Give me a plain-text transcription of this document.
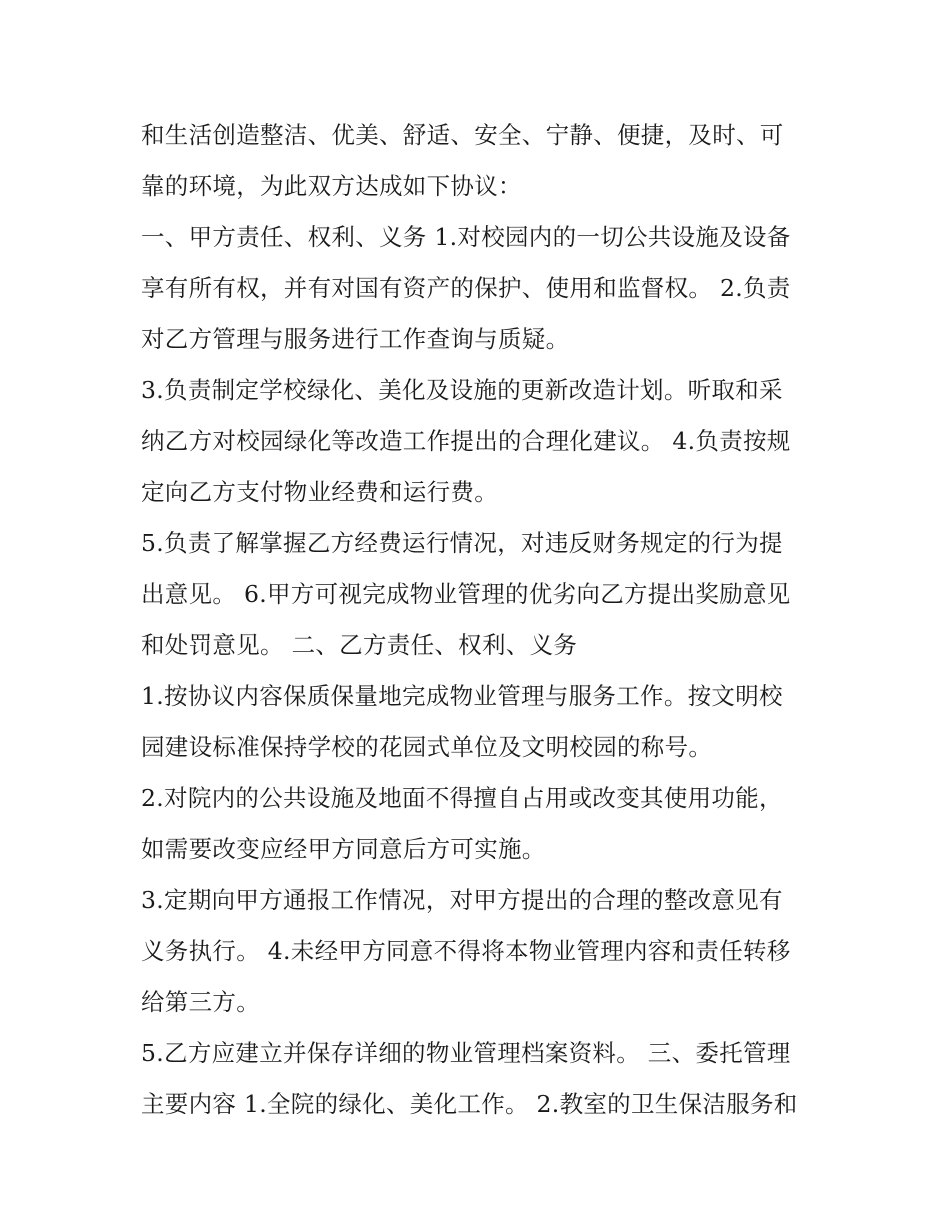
和生活创造整洁、优美、舒适、安全、宁静、便捷，及时、可
靠的环境，为此双方达成如下协议：
一、甲方责任、权利、义务 1.对校园内的一切公共设施及设备
享有所有权，并有对国有资产的保护、使用和监督权。 2.负责
对乙方管理与服务进行工作查询与质疑。
3.负责制定学校绿化、美化及设施的更新改造计划。听取和采
纳乙方对校园绿化等改造工作提出的合理化建议。 4.负责按规
定向乙方支付物业经费和运行费。
5.负责了解掌握乙方经费运行情况，对违反财务规定的行为提
出意见。 6.甲方可视完成物业管理的优劣向乙方提出奖励意见
和处罚意见。 二、乙方责任、权利、义务
1.按协议内容保质保量地完成物业管理与服务工作。按文明校
园建设标准保持学校的花园式单位及文明校园的称号。
2.对院内的公共设施及地面不得擅自占用或改变其使用功能，
如需要改变应经甲方同意后方可实施。
3.定期向甲方通报工作情况，对甲方提出的合理的整改意见有
义务执行。 4.未经甲方同意不得将本物业管理内容和责任转移
给第三方。
5.乙方应建立并保存详细的物业管理档案资料。 三、委托管理
主要内容 1.全院的绿化、美化工作。 2.教室的卫生保洁服务和
